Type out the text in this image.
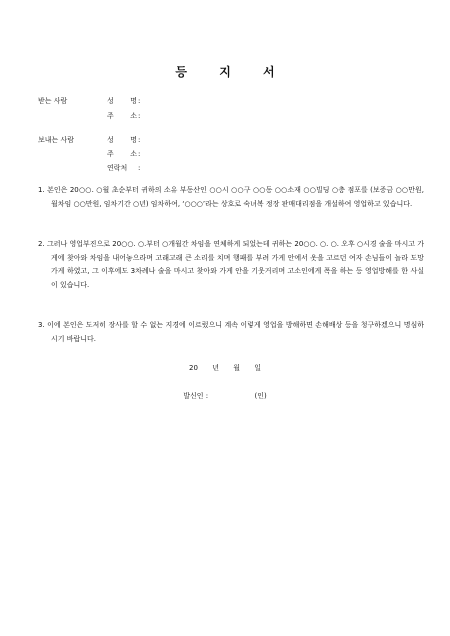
등 지 서
받는 사람	성 명 :
주 소 :
보내는 사람	성 명 :
주 소 :
연락처	:
1. 본인은 20○○. ○월 초순부터 귀하의 소유 부동산인 ○○시 ○○구 ○○동 ○○소재 ○○빌딩 ○층 점포를 (보증금 ○○만원, 월차임 ○○만원, 임차기간 ○년) 임차하여, ‘○○○’라는 상호로 숙녀복 정장 판매대리점을 개설하여 영업하고 있습니다.
2. 그러나 영업부진으로 20○○. ○.부터 ○개월간 차임을 연체하게 되었는데 귀하는 20○○. ○. ○. 오후 ○시경 술을 마시고 가게에 찾아와 차임을 내어놓으라며 고래고래 큰 소리를 치며 행패를 부려 가게 안에서 옷을 고르던 여자 손님들이 놀라 도망가게 하였고, 그 이후에도 3차례나 술을 마시고 찾아와 가게 안을 기웃거리며 고소인에게 폭을 하는 등 영업방해를 한 사실이 있습니다.
3. 이에 본인은 도저히 장사를 할 수 없는 지경에 이르렀으니 계속 이렇게 영업을 방해하면 손해배상 등을 청구하겠으니 명심하시기 바랍니다.
20 년 월 일
발신인 :	(인)
